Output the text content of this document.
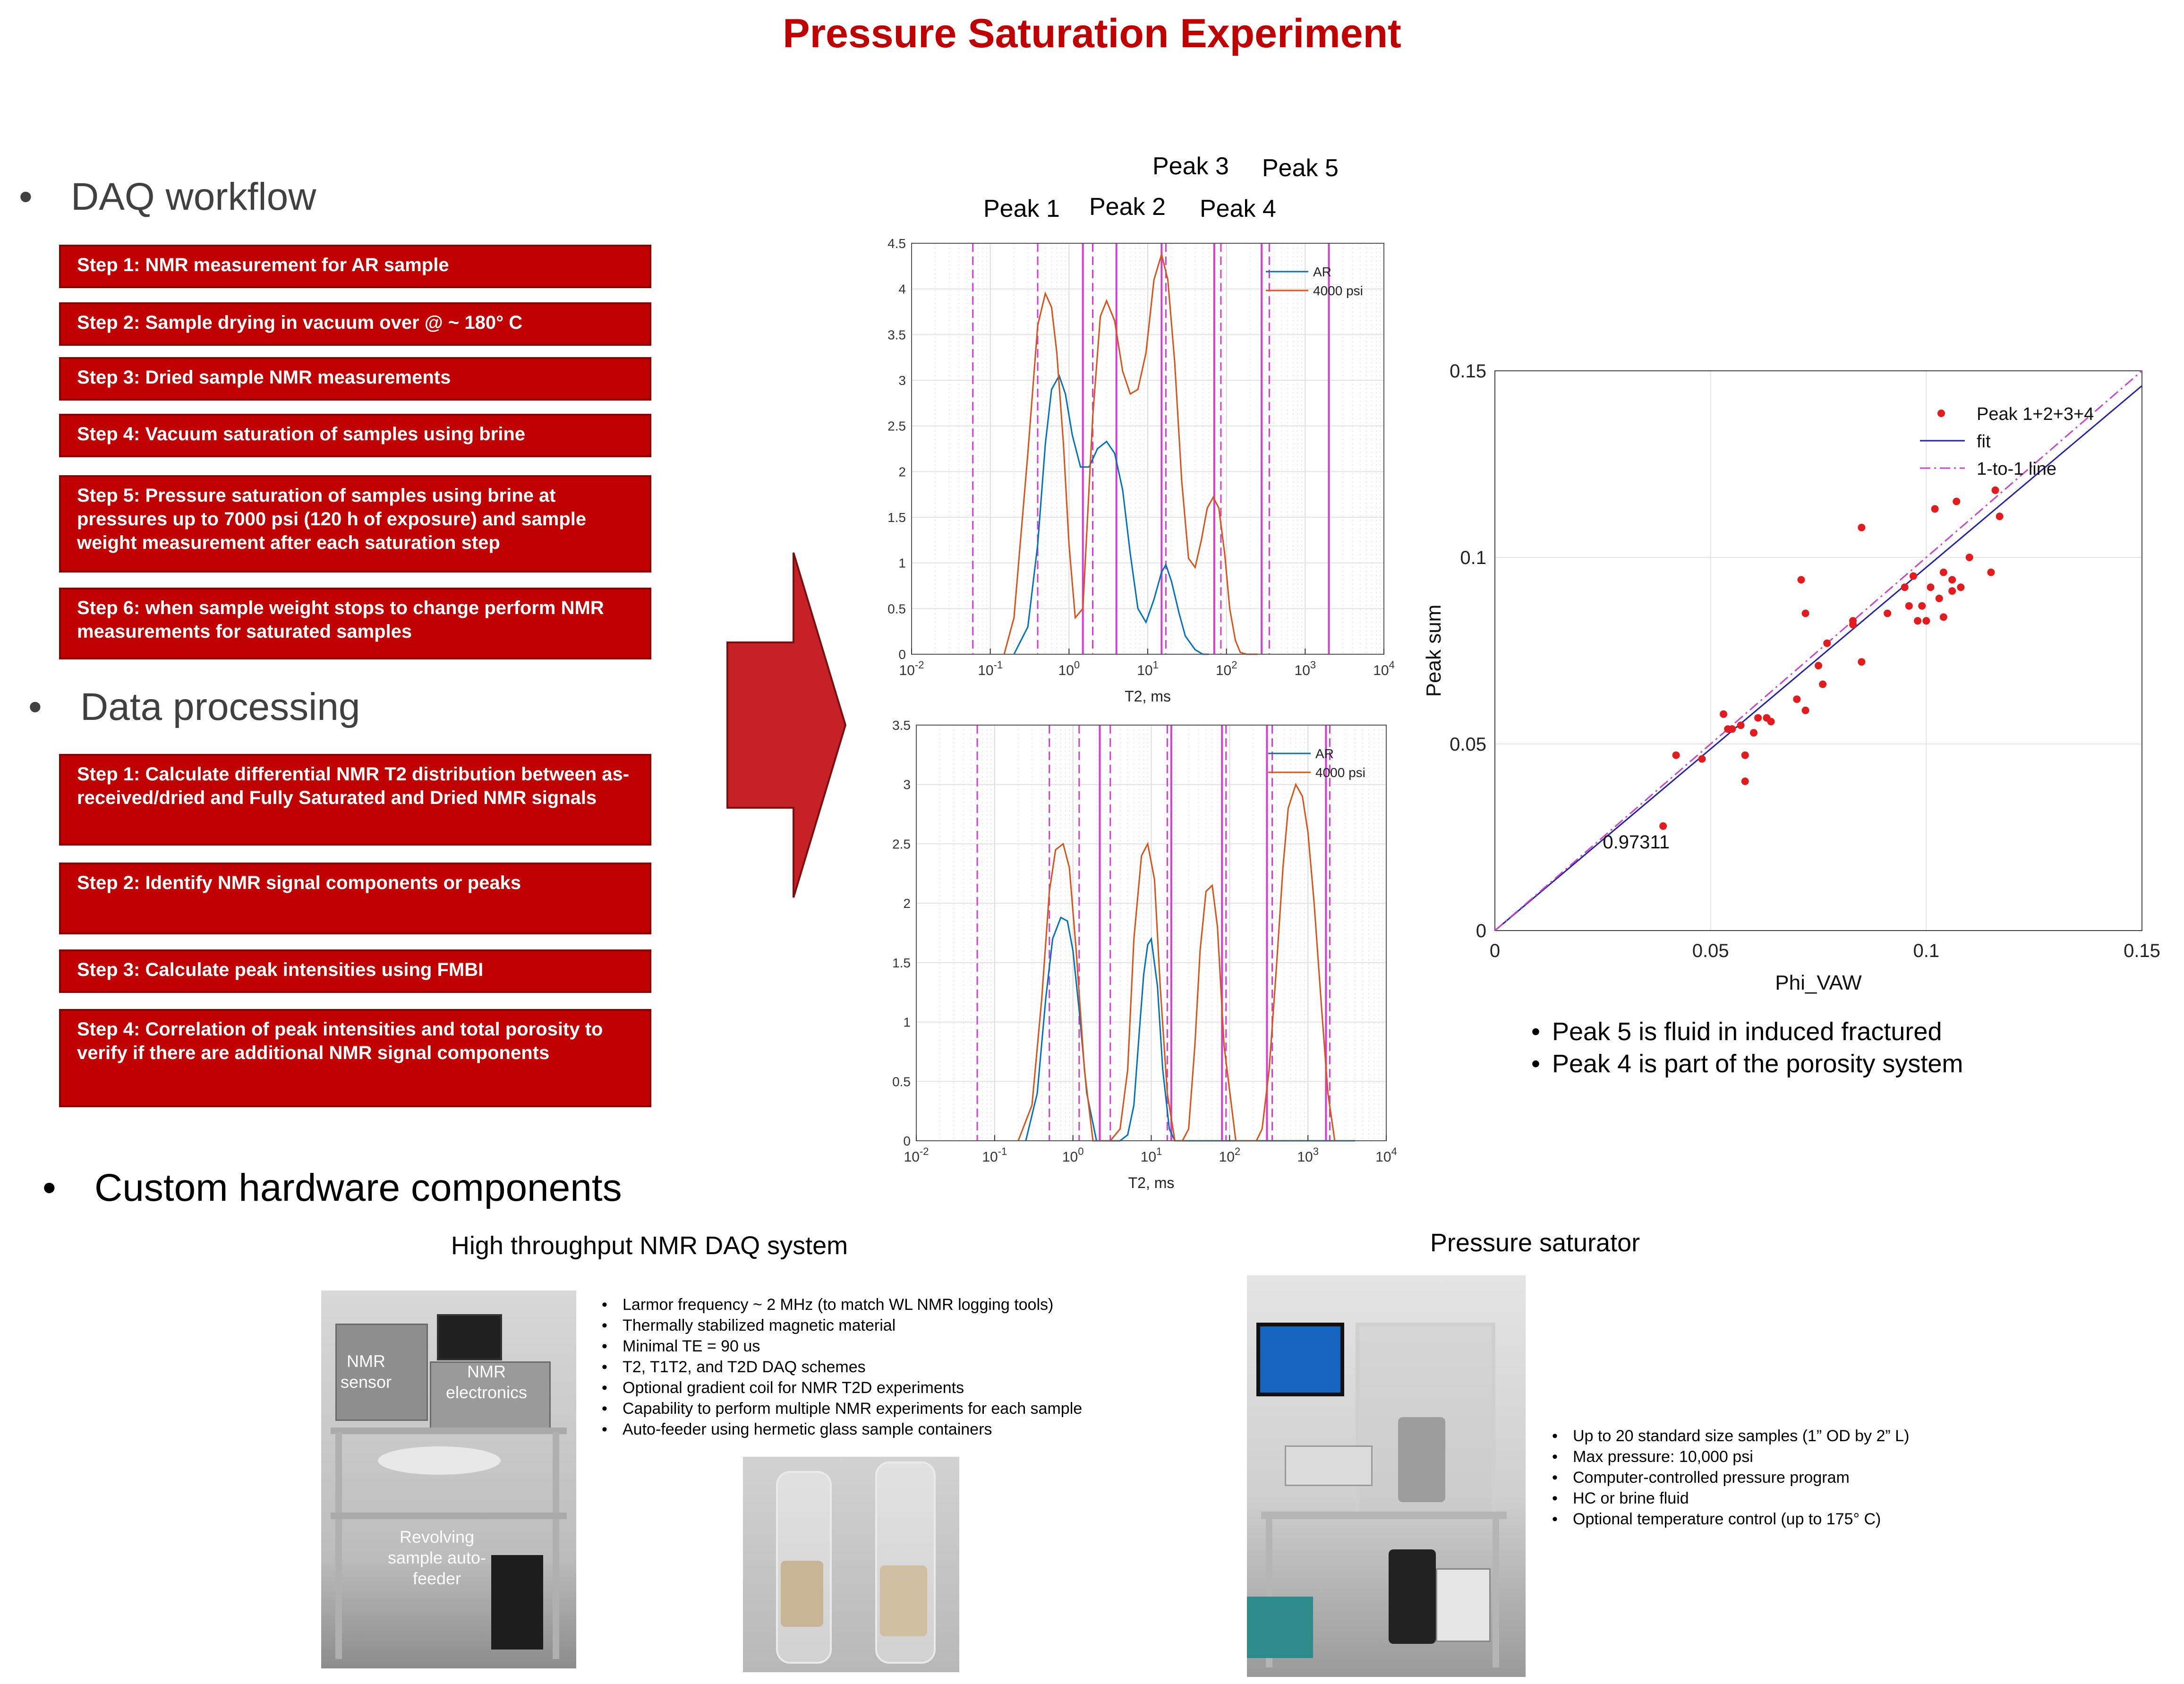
Pressure Saturation Experiment
• DAQ workflow
Step 1: NMR measurement for AR sample
Step 2: Sample drying in vacuum over @ ~ 180° C
Step 3: Dried sample NMR measurements
Step 4: Vacuum saturation of samples using brine
Step 5: Pressure saturation of samples using brine at pressures up to 7000 psi (120 h of exposure) and sample weight measurement after each saturation step
Step 6: when sample weight stops to change perform NMR measurements for saturated samples
• Data processing
Step 1: Calculate differential NMR T2 distribution between as-received/dried and Fully Saturated and Dried NMR signals
Step 2: Identify NMR signal components or peaks
Step 3: Calculate peak intensities using FMBI
Step 4: Correlation of peak intensities and total porosity to verify if there are additional NMR signal components
Peak 1 Peak 2
Peak 3
Peak 4
Peak 5
0
0.5
1
1.5
2
2.5
3
3.5
4
4.5
$10^{-2}$	$10^{-1}$	$10^0$	$10^1$	$10^2$	$10^3$	$10^4$
T2, ms
AR
4000 psi
0
0.5
1
1.5
2
2.5
3
3.5
$10^{-2}$	$10^{-1}$	$10^0$	$10^1$	$10^2$	$10^3$	$10^4$
T2, ms
AR
4000 psi
0	0.05	0.1	0.15
0
0.05
0.1
0.15
0.97311
Phi_VAW
Peak sum
Peak 1+2+3+4
fit
1-to-1 line
• Peak 5 is fluid in induced fractured
• Peak 4 is part of the porosity system
• Custom hardware components
High throughput NMR DAQ system	Pressure saturator
NMR sensor
NMR electronics
Revolving sample auto-feeder
• Larmor frequency ~ 2 MHz (to match WL NMR logging tools)
• Thermally stabilized magnetic material
• Minimal TE = 90 us
• T2, T1T2, and T2D DAQ schemes
• Optional gradient coil for NMR T2D experiments
• Capability to perform multiple NMR experiments for each sample
• Auto-feeder using hermetic glass sample containers
•	Up to 20 standard size samples (1” OD by 2” L)
• Max pressure: 10,000 psi
• Computer-controlled pressure program
• HC or brine fluid
• Optional temperature control (up to 175° C)
